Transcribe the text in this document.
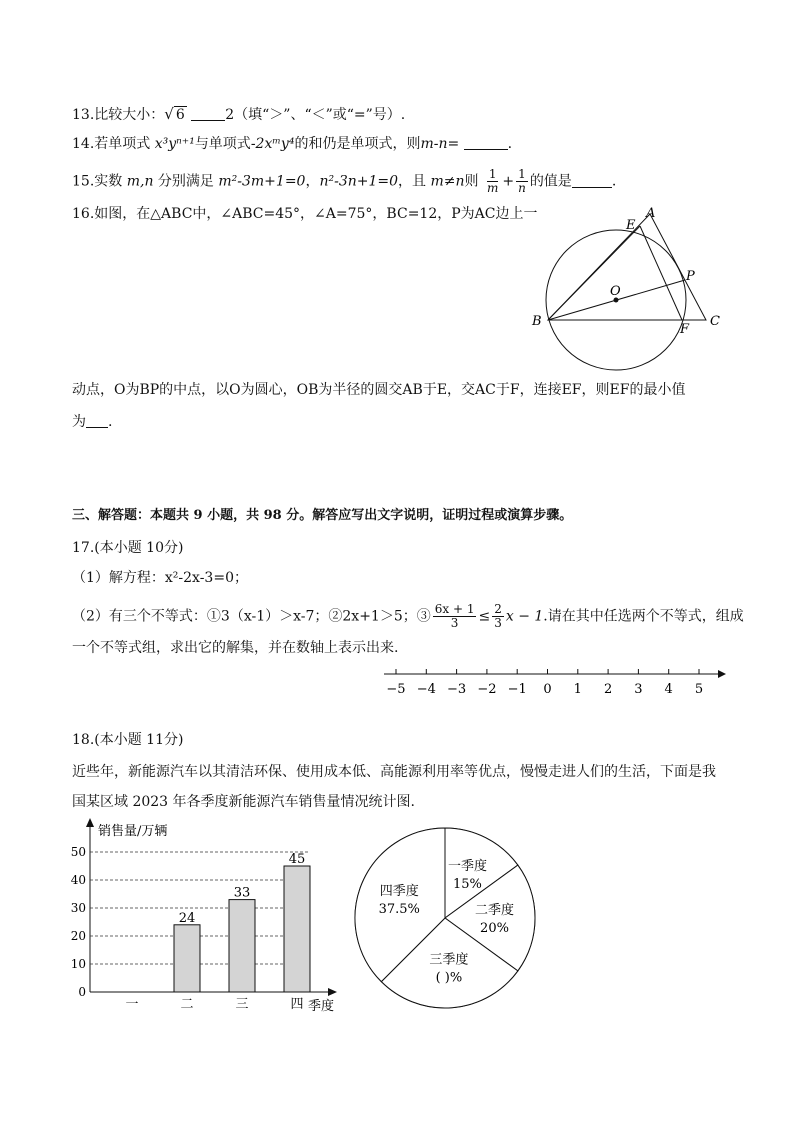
13.比较大小：√ 6	2（填“＞”、“＜”或“=”号）.
14.若单项式 x³yⁿ⁺¹与单项式-2xᵐy⁴的和仍是单项式，则m-n=	.
15.实数 m,n 分别满足 m²-3m+1=0，n²-3n+1=0，且 m≠n则 $\frac{1}{m} + \frac{1}{n}$ 的值是	.
16.如图，在△ABC中，∠ABC=45°，∠A=75°，BC=12，P为AC边上一	A
E
P
O
B
F
C
动点，O为BP的中点，以O为圆心，OB为半径的圆交AB于E，交AC于F，连接EF，则EF的最小值
为 .
三、解答题：本题共 9 小题，共 98 分。解答应写出文字说明，证明过程或演算步骤。
17.(本小题 10分)
（1）解方程：x²-2x-3=0；
（2）有三个不等式：①3（x-1）＞x-7；②2x+1＞5；③ $\frac{6x + 1}{3} \le \frac{2}{3}$ x − 1.请在其中任选两个不等式，组成
一个不等式组，求出它的解集，并在数轴上表示出来.
−5 −4 −3 −2 −1 0 1 2 3 4 5
18.(本小题 11分)
近些年，新能源汽车以其清洁环保、使用成本低、高能源利用率等优点，慢慢走进人们的生活，下面是我
国某区域 2023 年各季度新能源汽车销售量情况统计图.
0
10
20
30
40
50
销售量/万辆
季度
一
24
二
33
三
45
四
一季度
15%
二季度
20%
三季度
( )%
四季度
37.5%
